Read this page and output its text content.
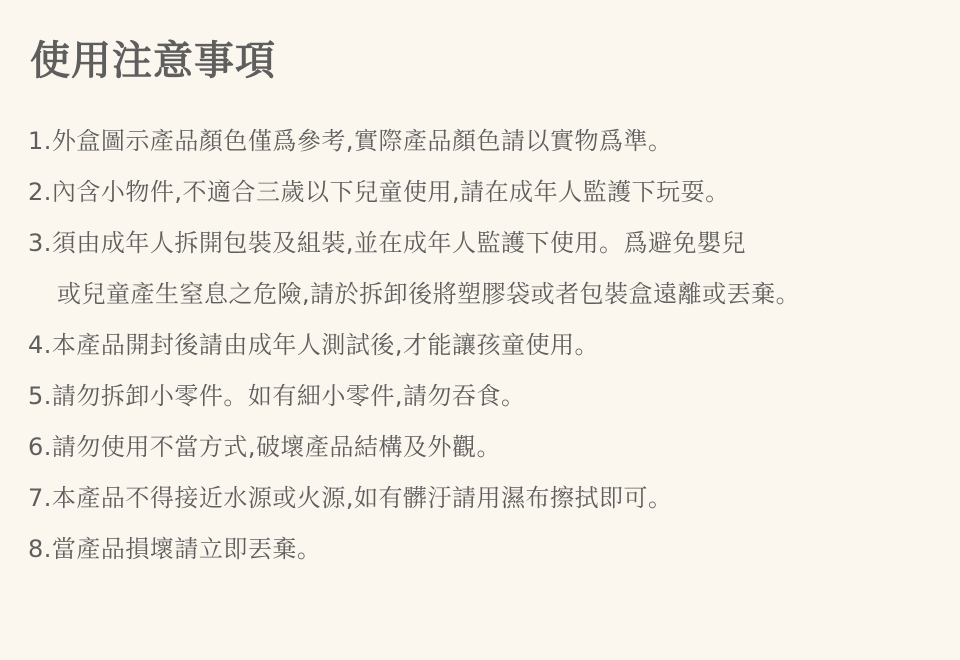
使用注意事項
1.外盒圖示產品顏色僅爲參考,實際產品顏色請以實物爲準。
2.內含小物件,不適合三歲以下兒童使用,請在成年人監護下玩耍。
3.須由成年人拆開包裝及組裝,並在成年人監護下使用。爲避免嬰兒
或兒童產生窒息之危險,請於拆卸後將塑膠袋或者包裝盒遠離或丟棄。
4.本產品開封後請由成年人測試後,才能讓孩童使用。
5.請勿拆卸小零件。如有細小零件,請勿吞食。
6.請勿使用不當方式,破壞產品結構及外觀。
7.本產品不得接近水源或火源,如有髒汙請用濕布擦拭即可。
8.當產品損壞請立即丟棄。
